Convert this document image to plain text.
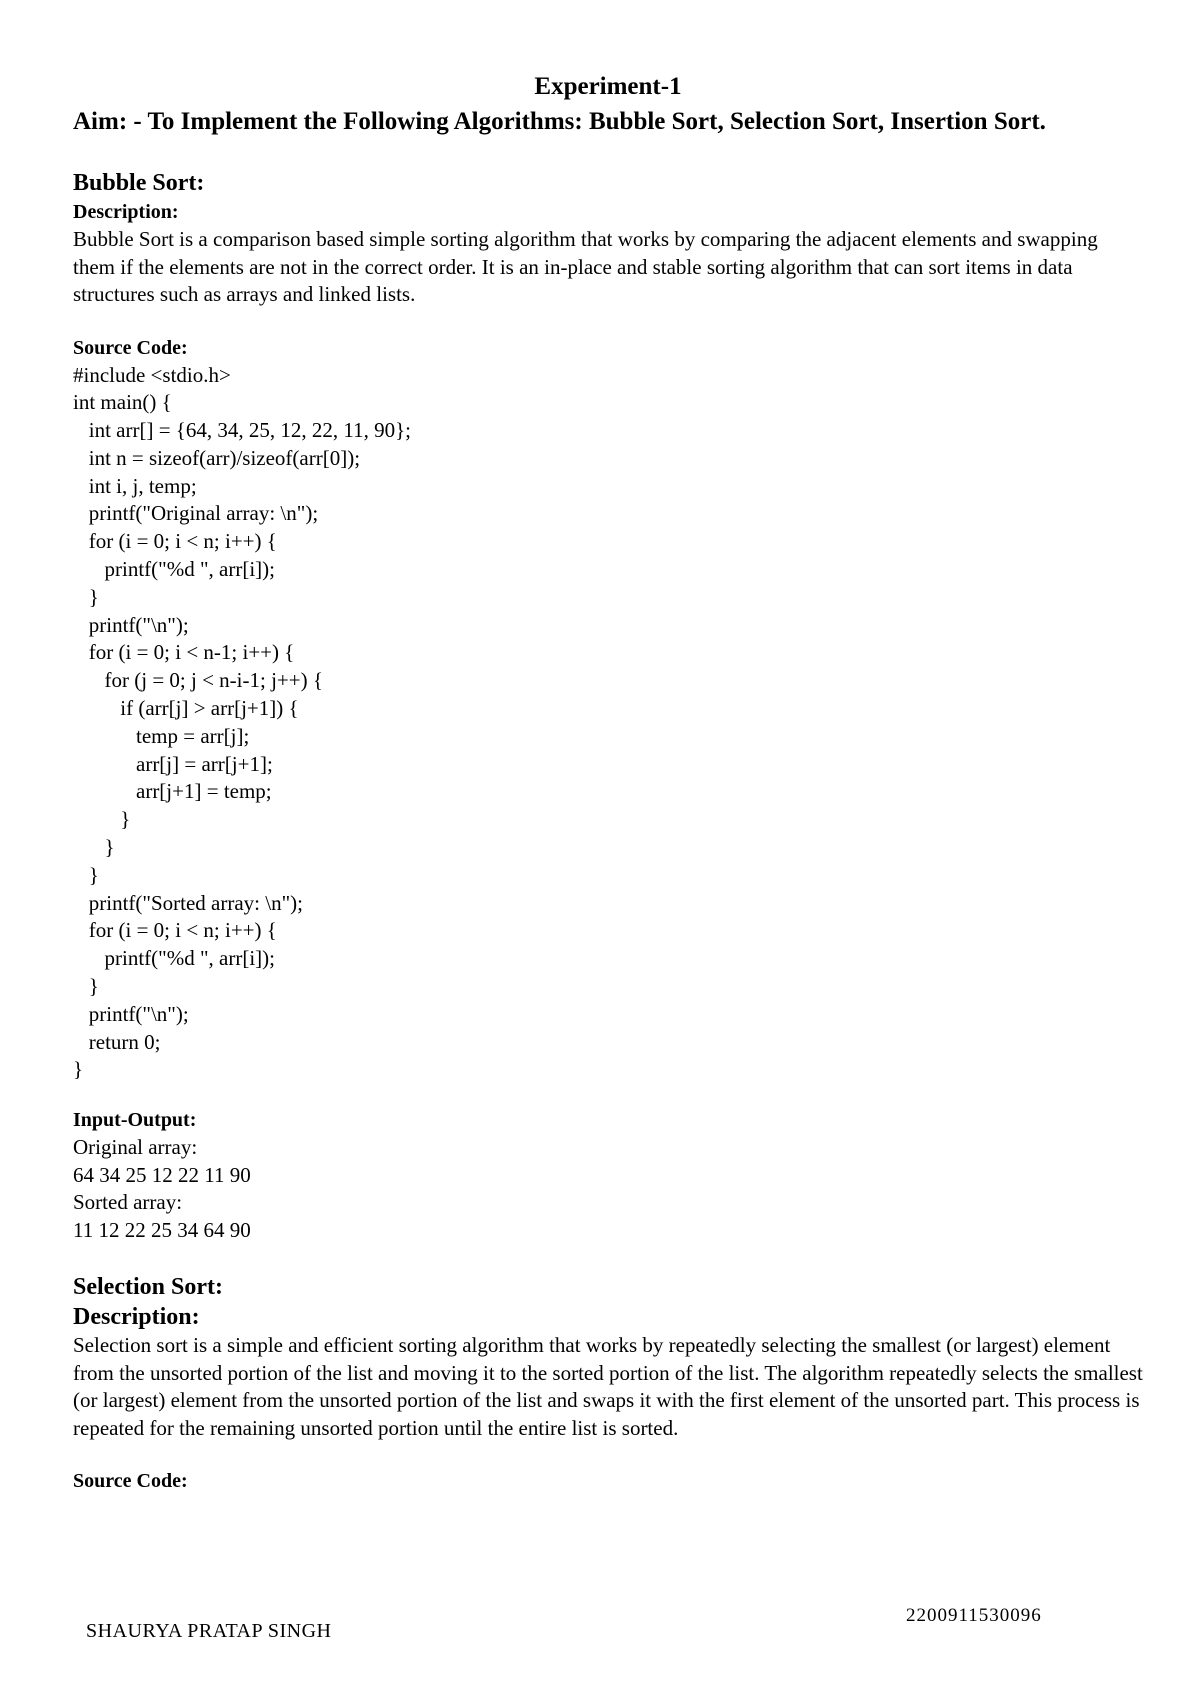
Experiment-1

Aim: - To Implement the Following Algorithms: Bubble Sort, Selection Sort, Insertion Sort.

Bubble Sort:

Description:

Bubble Sort is a comparison based simple sorting algorithm that works by comparing the adjacent elements and swapping them if the elements are not in the correct order. It is an in-place and stable sorting algorithm that can sort items in data structures such as arrays and linked lists.

Source Code:

#include <stdio.h>
int main() {
int arr[] = {64, 34, 25, 12, 22, 11, 90};
int n = sizeof(arr)/sizeof(arr[0]);
int i, j, temp;
printf("Original array: \n");
for (i = 0; i < n; i++) {
printf("%d ", arr[i]);
}
printf("\n");
for (i = 0; i < n-1; i++) {
for (j = 0; j < n-i-1; j++) {
if (arr[j] > arr[j+1]) {
temp = arr[j];
arr[j] = arr[j+1];
arr[j+1] = temp;
}
}
}
printf("Sorted array: \n");
for (i = 0; i < n; i++) {
printf("%d ", arr[i]);
}
printf("\n");
return 0;
}

Input-Output:

Original array:

64 34 25 12 22 11 90

Sorted array:

11 12 22 25 34 64 90

Selection Sort:

Description:

Selection sort is a simple and efficient sorting algorithm that works by repeatedly selecting the smallest (or largest) element from the unsorted portion of the list and moving it to the sorted portion of the list. The algorithm repeatedly selects the smallest (or largest) element from the unsorted portion of the list and swaps it with the first element of the unsorted part. This process is repeated for the remaining unsorted portion until the entire list is sorted.

Source Code:

SHAURYA PRATAP SINGH
2200911530096
